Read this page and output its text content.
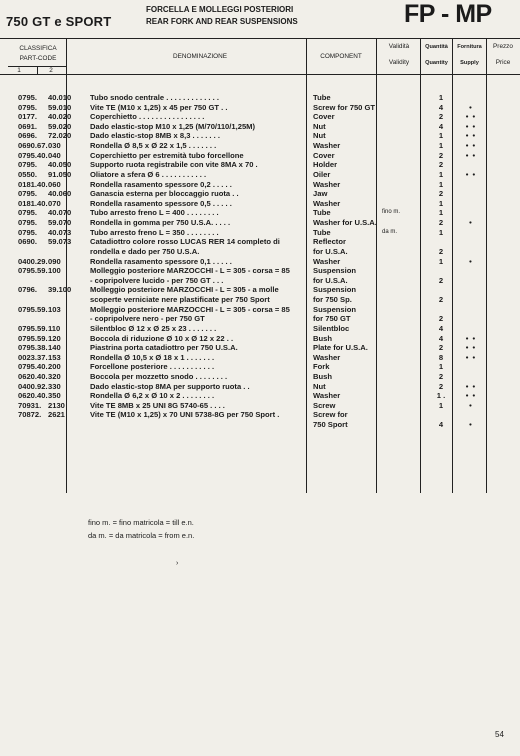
750 GT e SPORT
FORCELLA E MOLLEGGI POSTERIORI
REAR FORK AND REAR SUSPENSIONS	FP - MP
CLASSIFICA
PART-CODE
1	2
DENOMINAZIONE	COMPONENT
Validità
Validity
Quantità
Quantity
Fornitura
Supply
Prezzo
Price
0795. 40.010 Tubo snodo centrale . . . . . . . . . . . . .	Tube	1
0795. 59.010 Vite TE (M10 x 1,25) x 45 per 750 GT . .	Screw for 750 GT	4	•
0177. 40.020 Coperchietto . . . . . . . . . . . . . . . .	Cover	2	• •
0691. 59.020 Dado elastic-stop M10 x 1,25 (M/70/110/1,25M)	Nut	4	• •
0696. 72.020 Dado elastic-stop 8MB x 8,3 . . . . . . .	Nut	1	• •
0690.67. 030	Rondella Ø 8,5 x Ø 22 x 1,5 . . . . . . .	Washer	1	• •
0795.40. 040	Coperchietto per estremità tubo forcellone	Cover	2	• •
0795. 40.050 Supporto ruota registrabile con vite 8MA x 70 .	Holder	2
0550. 91.050 Oliatore a sfera Ø 6 . . . . . . . . . . .	Oiler	1	• •
0181.40. 060	Rondella rasamento spessore 0,2 . . . . .	Washer	1
0795. 40.060 Ganascia esterna per bloccaggio ruota . .	Jaw	2
0181.40. 070	Rondella rasamento spessore 0,5 . . . . .	Washer	1
0795. 40.070 Tubo arresto freno L = 400 . . . . . . . .	Tube	fino m.	1
0795. 59.070 Rondella in gomma per 750 U.S.A. . . . .	Washer for U.S.A.	2	•
0795. 40.073 Tubo arresto freno L = 350 . . . . . . . .	Tube	da m.	1
0690. 59.073 Catadiottro colore rosso LUCAS RER 14 completo di	Reflector
rondella e dado per 750 U.S.A.	for U.S.A.	2
0400.29. 090	Rondella rasamento spessore 0,1 . . . . .	Washer	1	•
0795.59. 100	Molleggio posteriore MARZOCCHI - L = 305 - corsa = 85	Suspension
- copripolvere lucido - per 750 GT . . .	for U.S.A.	2
0796. 39.100 Molleggio posteriore MARZOCCHI - L = 305 - a molle	Suspension
scoperte verniciate nere plastificate per 750 Sport	for 750 Sp.	2
0795.59. 103	Molleggio posteriore MARZOCCHI - L = 305 - corsa = 85	Suspension
- copripolvere nero - per 750 GT	for 750 GT	2
0795.59. 110	Silentbloc Ø 12 x Ø 25 x 23 . . . . . . .	Silentbloc	4
0795.59. 120	Boccola di riduzione Ø 10 x Ø 12 x 22 . .	Bush	4	• •
0795.38. 140	Piastrina porta catadiottro per 750 U.S.A.	Plate for U.S.A.	2	• •
0023.37. 153	Rondella Ø 10,5 x Ø 18 x 1 . . . . . . .	Washer	8	• •
0795.40. 200	Forcellone posteriore . . . . . . . . . . .	Fork	1
0620.40. 320	Boccola per mozzetto snodo . . . . . . . .	Bush	2
0400.92. 330	Dado elastic-stop 8MA per supporto ruota . .	Nut	2	• •
0620.40. 350	Rondella Ø 6,2 x Ø 10 x 2 . . . . . . . .	Washer	1 .	• •
70931. 2130	Vite TE 8MB x 25 UNI 8G 5740-65 . . . .	Screw	1	•
70872. 2621	Vite TE (M10 x 1,25) x 70 UNI 5738-8G per 750 Sport .	Screw for
750 Sport	4	•
fino m. = fino matricola = till e.n.
da m. = da matricola = from e.n.
›
54
